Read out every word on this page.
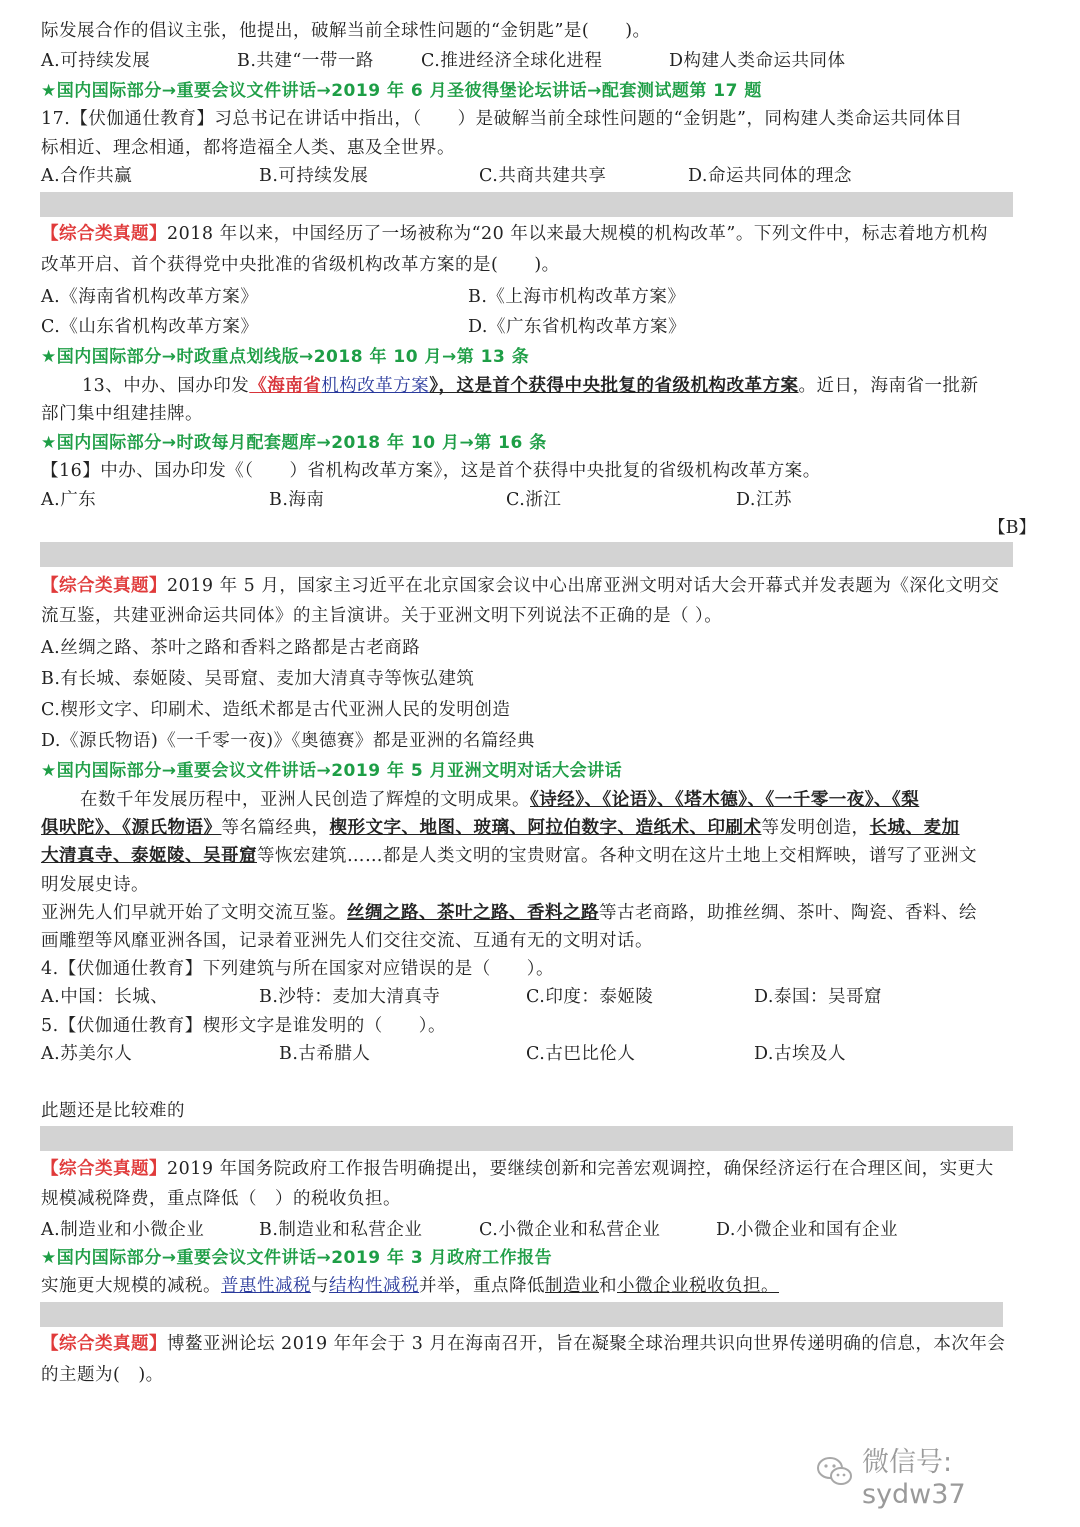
际发展合作的倡议主张，他提出，破解当前全球性问题的“金钥匙”是(　　)。
A.可持续发展	B.共建“一带一路	C.推进经济全球化进程	D构建人类命运共同体
★国内国际部分→重要会议文件讲话→2019 年 6 月圣彼得堡论坛讲话→配套测试题第 17 题
17.【伏伽通仕教育】习总书记在讲话中指出，（　　）是破解当前全球性问题的“金钥匙”，同构建人类命运共同体目
标相近、理念相通，都将造福全人类、惠及全世界。
A.合作共赢	B.可持续发展	C.共商共建共享	D.命运共同体的理念
【综合类真题】2018 年以来，中国经历了一场被称为“20 年以来最大规模的机构改革”。下列文件中，标志着地方机构
改革开启、首个获得党中央批准的省级机构改革方案的是(　　)。
A.《海南省机构改革方案》	B.《上海市机构改革方案》
C.《山东省机构改革方案》	D.《广东省机构改革方案》
★国内国际部分→时政重点划线版→2018 年 10 月→第 13 条
13、中办、国办印发《海南省机构改革方案》，这是首个获得中央批复的省级机构改革方案。近日，海南省一批新
部门集中组建挂牌。
★国内国际部分→时政每月配套题库→2018 年 10 月→第 16 条
【16】中办、国办印发《（　　）省机构改革方案》，这是首个获得中央批复的省级机构改革方案。
A.广东	B.海南	C.浙江	D.江苏
【B】
【综合类真题】2019 年 5 月，国家主习近平在北京国家会议中心出席亚洲文明对话大会开幕式并发表题为《深化文明交
流互鉴，共建亚洲命运共同体》的主旨演讲。关于亚洲文明下列说法不正确的是（ ）。
A.丝绸之路、茶叶之路和香料之路都是古老商路
B.有长城、泰姬陵、吴哥窟、麦加大清真寺等恢弘建筑
C.楔形文字、印刷术、造纸术都是古代亚洲人民的发明创造
D.《源氏物语)《一千零一夜)》《奥德赛》都是亚洲的名篇经典
★国内国际部分→重要会议文件讲话→2019 年 5 月亚洲文明对话大会讲话
在数千年发展历程中，亚洲人民创造了辉煌的文明成果。《诗经》、《论语》、《塔木德》、《一千零一夜》、《梨
俱吠陀》、《源氏物语》等名篇经典，楔形文字、地图、玻璃、阿拉伯数字、造纸术、印刷术等发明创造，长城、麦加
大清真寺、泰姬陵、吴哥窟等恢宏建筑……都是人类文明的宝贵财富。各种文明在这片土地上交相辉映，谱写了亚洲文
明发展史诗。
亚洲先人们早就开始了文明交流互鉴。丝绸之路、茶叶之路、香料之路等古老商路，助推丝绸、茶叶、陶瓷、香料、绘
画雕塑等风靡亚洲各国，记录着亚洲先人们交往交流、互通有无的文明对话。
4.【伏伽通仕教育】下列建筑与所在国家对应错误的是（　　）。
A.中国：长城、	B.沙特：麦加大清真寺	C.印度：泰姬陵	D.泰国：吴哥窟
5.【伏伽通仕教育】楔形文字是谁发明的（　　）。
A.苏美尔人	B.古希腊人	C.古巴比伦人	D.古埃及人
此题还是比较难的
【综合类真题】2019 年国务院政府工作报告明确提出，要继续创新和完善宏观调控，确保经济运行在合理区间，实更大
规模减税降费，重点降低（　）的税收负担。
A.制造业和小微企业	B.制造业和私营企业	C.小微企业和私营企业	D.小微企业和国有企业
★国内国际部分→重要会议文件讲话→2019 年 3 月政府工作报告
实施更大规模的减税。普惠性减税与结构性减税并举，重点降低制造业和小微企业税收负担。
【综合类真题】博鳌亚洲论坛 2019 年年会于 3 月在海南召开，旨在凝聚全球治理共识向世界传递明确的信息，本次年会
的主题为(　)。
微信号: sydw37
